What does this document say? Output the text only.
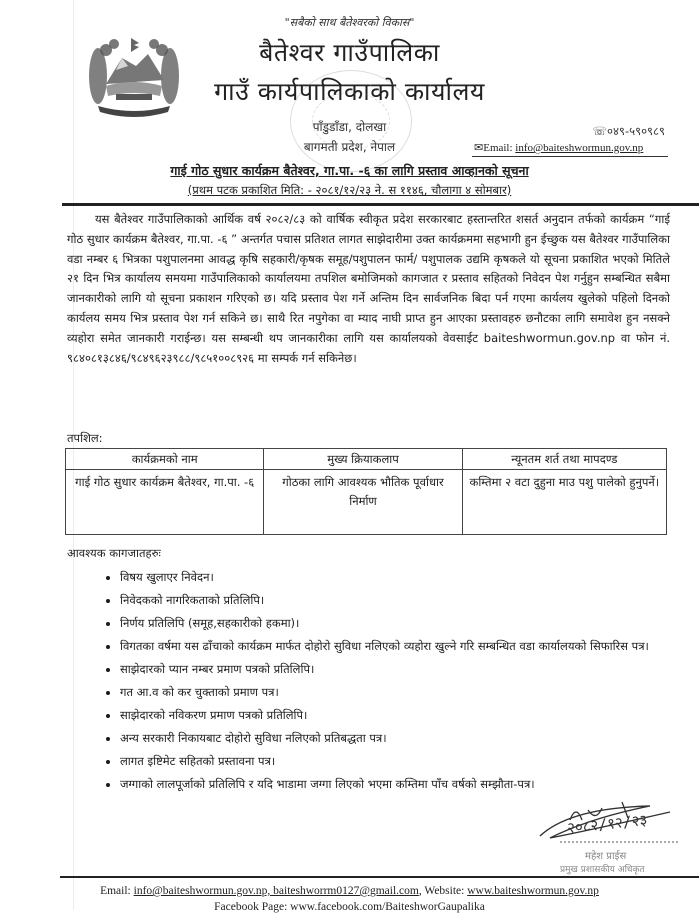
"सबैको साथ बैतेश्वरको विकास"
बैतेश्वर गाउँपालिका
गाउँ कार्यपालिकाको कार्यालय
पाँडुडाँडा, दोलखा
बागमती प्रदेश, नेपाल
☏०४९-५९०९८९
✉Email: info@baiteshwormun.gov.np
गाई गोठ सुधार कार्यक्रम बैतेश्वर, गा.पा. -६ का लागि प्रस्ताव आव्हानको सूचना
(प्रथम पटक प्रकाशित मिति: - २०८१/१२/२३ ने. स ११४६, चौलागा ४ सोमबार)
यस बैतेश्वर गाउँपालिकाको आर्थिक वर्ष २०८२/८३ को वार्षिक स्वीकृत प्रदेश सरकारबाट हस्तान्तरित शसर्त अनुदान तर्फको कार्यक्रम “गाई गोठ सुधार कार्यक्रम बैतेश्वर, गा.पा. -६ ” अन्तर्गत पचास प्रतिशत लागत साझेदारीमा उक्त कार्यक्रममा सहभागी हुन ईच्छुक यस बैतेश्वर गाउँपालिका वडा नम्बर ६ भित्रका पशुपालनमा आवद्ध कृषि सहकारी/कृषक समूह/पशुपालन फार्म/ पशुपालक उद्यमि कृषकले यो सूचना प्रकाशित भएको मितिले २१ दिन भित्र कार्यालय समयमा गाउँपालिकाको कार्यालयमा तपशिल बमोजिमको कागजात र प्रस्ताव सहितको निवेदन पेश गर्नुहुन सम्बन्धित सबैमा जानकारीको लागि यो सूचना प्रकाशन गरिएको छ। यदि प्रस्ताव पेश गर्ने अन्तिम दिन सार्वजनिक बिदा पर्न गएमा कार्यलय खुलेको पहिलो दिनको कार्यलय समय भित्र प्रस्ताव पेश गर्न सकिने छ। साथै रित नपुगेका वा म्याद नाघी प्राप्त हुन आएका प्रस्तावहरु छनौटका लागि समावेश हुन नसक्ने व्यहोरा समेत जानकारी गराईन्छ। यस सम्बन्धी थप जानकारीका लागि यस कार्यालयको वेवसाईट baiteshwormun.gov.np वा फोन नं. ९८४०८१३८४६/९८४९६२३९८८/९८५१००८९२६ मा सम्पर्क गर्न सकिनेछ।
तपशिल:
कार्यक्रमको नाम	मुख्य क्रियाकलाप	न्यूनतम शर्त तथा मापदण्ड
गाई गोठ सुधार कार्यक्रम बैतेश्वर, गा.पा. -६	गोठका लागि आवश्यक भौतिक पूर्वाधार निर्माण	कम्तिमा २ वटा दुहुना माउ पशु पालेको हुनुपर्ने।
आवश्यक कागजातहरुः
• विषय खुलाएर निवेदन।
• निवेदकको नागरिकताको प्रतिलिपि।
• निर्णय प्रतिलिपि (समूह,सहकारीको हकमा)।
• विगतका वर्षमा यस ढाँचाको कार्यक्रम मार्फत दोहोरो सुविधा नलिएको व्यहोरा खुल्ने गरि सम्बन्धित वडा कार्यालयको सिफारिस पत्र।
• साझेदारको प्यान नम्बर प्रमाण पत्रको प्रतिलिपि।
• गत आ.व को कर चुक्ताको प्रमाण पत्र।
• साझेदारको नविकरण प्रमाण पत्रको प्रतिलिपि।
• अन्य सरकारी निकायबाट दोहोरो सुविधा नलिएको प्रतिबद्धता पत्र।
• लागत इष्टिमेट सहितको प्रस्तावना पत्र।
• जग्गाको लालपूर्जाको प्रतिलिपि र यदि भाडामा जग्गा लिएको भएमा कम्तिमा पाँच वर्षको सम्झौता-पत्र।
२०८२/१२/२३
महेश प्राईस
प्रमुख प्रशासकीय अधिकृत
Email: info@baiteshwormun.gov.np, baiteshworrm0127@gmail.com, Website: www.baiteshwormun.gov.np
Facebook Page: www.facebook.com/BaiteshworGaupalika
